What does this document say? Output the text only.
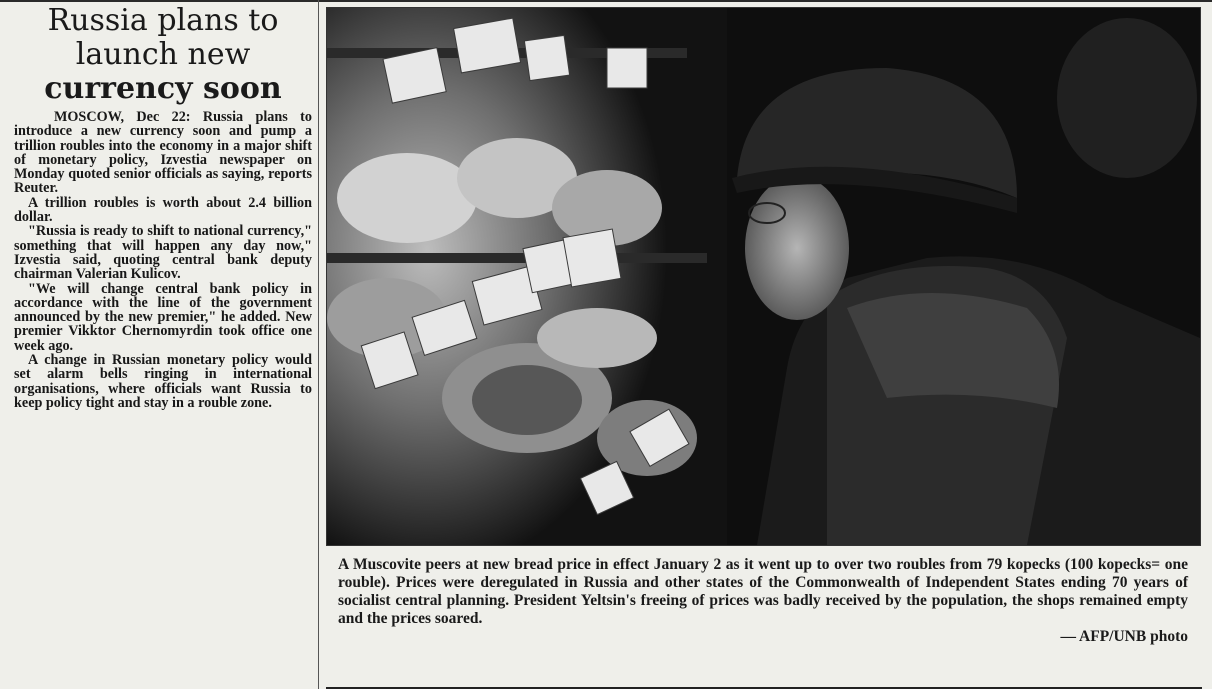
Russia plans to
launch new
currency soon

MOSCOW, Dec 22: Russia plans to introduce a new currency soon and pump a trillion roubles into the economy in a major shift of monetary policy, Izvestia newspaper on Monday quoted senior officials as saying, reports Reuter.

A trillion roubles is worth about 2.4 billion dollar.

"Russia is ready to shift to national currency," something that will happen any day now," Izvestia said, quoting central bank deputy chairman Valerian Kulicov.

"We will change central bank policy in accordance with the line of the government announced by the new premier," he added. New premier Vikktor Chernomyrdin took office one week ago.

A change in Russian monetary policy would set alarm bells ringing in international organisations, where officials want Russia to keep policy tight and stay in a rouble zone.

A Muscovite peers at new bread price in effect January 2 as it went up to over two roubles from 79 kopecks (100 kopecks= one rouble). Prices were deregulated in Russia and other states of the Commonwealth of Independent States ending 70 years of socialist central planning. President Yeltsin's freeing of prices was badly received by the population, the shops remained empty and the prices soared.
— AFP/UNB photo
